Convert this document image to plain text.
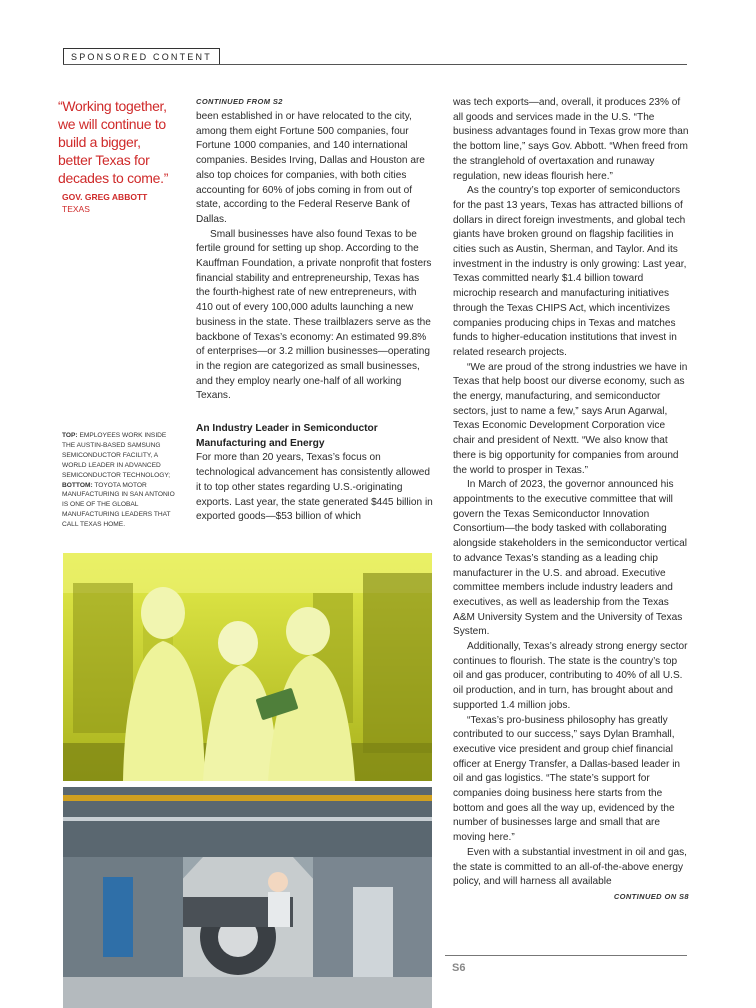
SPONSORED CONTENT
“Working together, we will continue to build a bigger, better Texas for decades to come.”
GOV. GREG ABBOTT
TEXAS
TOP: EMPLOYEES WORK INSIDE THE AUSTIN-BASED SAMSUNG SEMICONDUCTOR FACILITY, A WORLD LEADER IN ADVANCED SEMICONDUCTOR TECHNOLOGY; BOTTOM: TOYOTA MOTOR MANUFACTURING IN SAN ANTONIO IS ONE OF THE GLOBAL MANUFACTURING LEADERS THAT CALL TEXAS HOME.
CONTINUED FROM S2

been established in or have relocated to the city, among them eight Fortune 500 companies, four Fortune 1000 companies, and 140 international companies. Besides Irving, Dallas and Houston are also top choices for companies, with both cities accounting for 60% of jobs coming in from out of state, according to the Federal Reserve Bank of Dallas.

Small businesses have also found Texas to be fertile ground for setting up shop. According to the Kauffman Foundation, a private nonprofit that fosters financial stability and entrepreneurship, Texas has the fourth-highest rate of new entrepreneurs, with 410 out of every 100,000 adults launching a new business in the state. These trailblazers serve as the backbone of Texas’s economy: An estimated 99.8% of enterprises—or 3.2 million businesses—operating in the region are categorized as small businesses, and they employ nearly one-half of all working Texans.

An Industry Leader in Semiconductor Manufacturing and Energy

For more than 20 years, Texas’s focus on technological advancement has consistently allowed it to top other states regarding U.S.-originating exports. Last year, the state generated $445 billion in exported goods—$53 billion of which

was tech exports—and, overall, it produces 23% of all goods and services made in the U.S. “The business advantages found in Texas grow more than the bottom line,” says Gov. Abbott. “When freed from the stranglehold of overtaxation and runaway regulation, new ideas flourish here.”

As the country’s top exporter of semiconductors for the past 13 years, Texas has attracted billions of dollars in direct foreign investments, and global tech giants have broken ground on flagship facilities in cities such as Austin, Sherman, and Taylor. And its investment in the industry is only growing: Last year, Texas committed nearly $1.4 billion toward microchip research and manufacturing initiatives through the Texas CHIPS Act, which incentivizes companies producing chips in Texas and matches funds to higher-education institutions that invest in related research projects.

“We are proud of the strong industries we have in Texas that help boost our diverse economy, such as the energy, manufacturing, and semiconductor sectors, just to name a few,” says Arun Agarwal, Texas Economic Development Corporation vice chair and president of Nextt. “We also know that there is big opportunity for companies from around the world to prosper in Texas.”

In March of 2023, the governor announced his appointments to the executive committee that will govern the Texas Semiconductor Innovation Consortium—the body tasked with collaborating alongside stakeholders in the semiconductor vertical to advance Texas’s standing as a leading chip manufacturer in the U.S. and abroad. Executive committee members include industry leaders and executives, as well as leadership from the Texas A&M University System and the University of Texas System.

Additionally, Texas’s already strong energy sector continues to flourish. The state is the country’s top oil and gas producer, contributing to 40% of all U.S. oil production, and in turn, has brought about and supported 1.4 million jobs.

“Texas’s pro-business philosophy has greatly contributed to our success,” says Dylan Bramhall, executive vice president and group chief financial officer at Energy Transfer, a Dallas-based leader in oil and gas logistics. “The state’s support for companies doing business here starts from the bottom and goes all the way up, evidenced by the number of businesses large and small that are moving here.”

Even with a substantial investment in oil and gas, the state is committed to an all-of-the-above energy policy, and will harness all available

CONTINUED ON S8
S6
